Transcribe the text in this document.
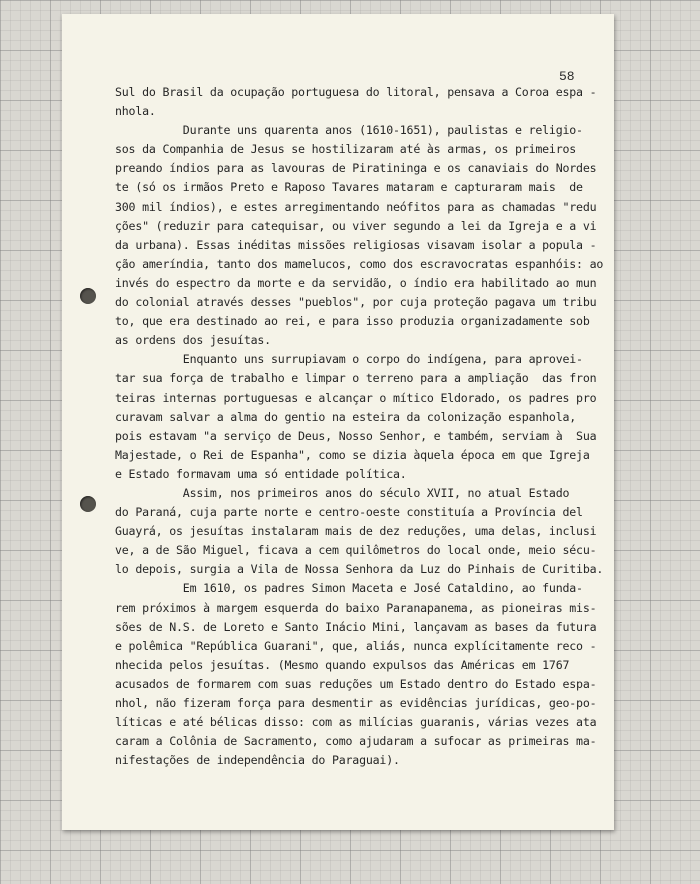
58

Sul do Brasil da ocupação portuguesa do litoral, pensava a Coroa espa -
nhola.
Durante uns quarenta anos (1610-1651), paulistas e religio-
sos da Companhia de Jesus se hostilizaram até às armas, os primeiros
preando índios para as lavouras de Piratininga e os canaviais do Nordes
te (só os irmãos Preto e Raposo Tavares mataram e capturaram mais  de
300 mil índios), e estes arregimentando neófitos para as chamadas "redu
ções" (reduzir para catequisar, ou viver segundo a lei da Igreja e a vi
da urbana). Essas inéditas missões religiosas visavam isolar a popula -
ção ameríndia, tanto dos mamelucos, como dos escravocratas espanhóis: ao
invés do espectro da morte e da servidão, o índio era habilitado ao mun
do colonial através desses "pueblos", por cuja proteção pagava um tribu
to, que era destinado ao rei, e para isso produzia organizadamente sob
as ordens dos jesuítas.
Enquanto uns surrupiavam o corpo do indígena, para aprovei-
tar sua força de trabalho e limpar o terreno para a ampliação  das fron
teiras internas portuguesas e alcançar o mítico Eldorado, os padres pro
curavam salvar a alma do gentio na esteira da colonização espanhola,
pois estavam "a serviço de Deus, Nosso Senhor, e também, serviam à  Sua
Majestade, o Rei de Espanha", como se dizia àquela época em que Igreja
e Estado formavam uma só entidade política.
Assim, nos primeiros anos do século XVII, no atual Estado
do Paraná, cuja parte norte e centro-oeste constituía a Província del
Guayrá, os jesuítas instalaram mais de dez reduções, uma delas, inclusi
ve, a de São Miguel, ficava a cem quilômetros do local onde, meio sécu-
lo depois, surgia a Vila de Nossa Senhora da Luz do Pinhais de Curitiba.
Em 1610, os padres Simon Maceta e José Cataldino, ao funda-
rem próximos à margem esquerda do baixo Paranapanema, as pioneiras mis-
sões de N.S. de Loreto e Santo Inácio Mini, lançavam as bases da futura
e polêmica "República Guarani", que, aliás, nunca explícitamente reco -
nhecida pelos jesuítas. (Mesmo quando expulsos das Américas em 1767
acusados de formarem com suas reduções um Estado dentro do Estado espa-
nhol, não fizeram força para desmentir as evidências jurídicas, geo-po-
líticas e até bélicas disso: com as milícias guaranis, várias vezes ata
caram a Colônia de Sacramento, como ajudaram a sufocar as primeiras ma-
nifestações de independência do Paraguai).
